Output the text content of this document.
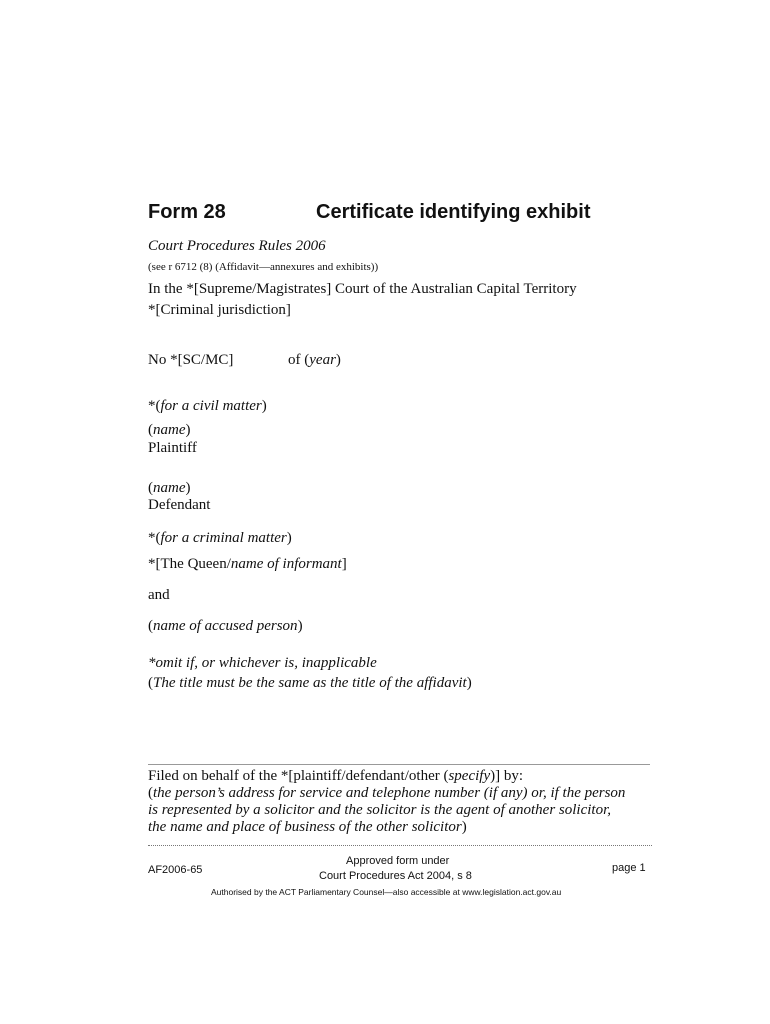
Form 28	Certificate identifying exhibit
Court Procedures Rules 2006
(see r 6712 (8) (Affidavit—annexures and exhibits))
In the *[Supreme/Magistrates] Court of the Australian Capital Territory
*[Criminal jurisdiction]
No *[SC/MC]	of (year)
*(for a civil matter)
(name)
Plaintiff
(name)
Defendant
*(for a criminal matter)
*[The Queen/name of informant]
and
(name of accused person)
*omit if, or whichever is, inapplicable
(The title must be the same as the title of the affidavit)
Filed on behalf of the *[plaintiff/defendant/other (specify)] by:
(the person’s address for service and telephone number (if any) or, if the person
is represented by a solicitor and the solicitor is the agent of another solicitor,
the name and place of business of the other solicitor)
AF2006-65
Approved form under
Court Procedures Act 2004, s 8
page 1
Authorised by the ACT Parliamentary Counsel—also accessible at www.legislation.act.gov.au
